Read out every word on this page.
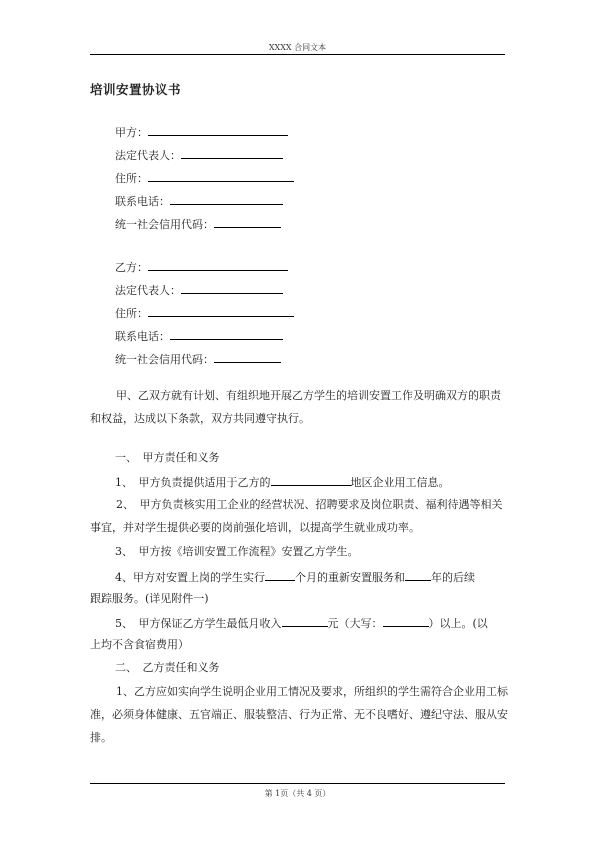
XXXX 合同文本
培训安置协议书
甲方：
法定代表人：
住所：
联系电话：
统一社会信用代码：
乙方：
法定代表人：
住所：
联系电话：
统一社会信用代码：
甲、乙双方就有计划、有组织地开展乙方学生的培训安置工作及明确双方的职责和权益，达成以下条款，双方共同遵守执行。
一、　甲方责任和义务
1、　甲方负责提供适用于乙方的	地区企业用工信息。
2、　甲方负责核实用工企业的经营状况、招聘要求及岗位职责、福利待遇等相关事宜，并对学生提供必要的岗前强化培训，以提高学生就业成功率。
3、　甲方按《培训安置工作流程》安置乙方学生。
4、甲方对安置上岗的学生实行	个月的重新安置服务和 年的后续
跟踪服务。(详见附件一)
5、　甲方保证乙方学生最低月收入	元（大写：	）以上。(以
上均不含食宿费用）
二、　乙方责任和义务
1、乙方应如实向学生说明企业用工情况及要求，所组织的学生需符合企业用工标准，必须身体健康、五官端正、服装整洁、行为正常、无不良嗜好、遵纪守法、服从安排。
第 1页（共 4 页）
